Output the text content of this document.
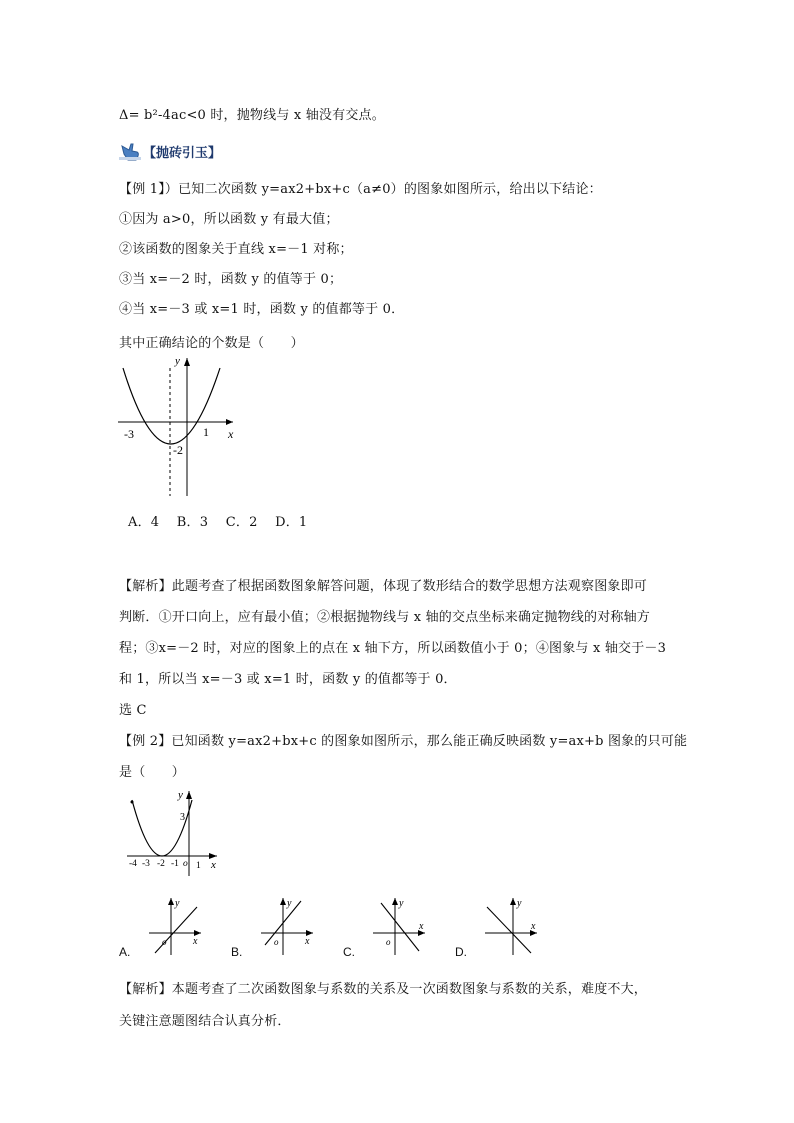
Δ= b²-4ac<0 时，抛物线与 x 轴没有交点。
【抛砖引玉】
【例 1】）已知二次函数 y=ax2+bx+c（a≠0）的图象如图所示，给出以下结论：
①因为 a>0，所以函数 y 有最大值；
②该函数的图象关于直线 x=－1 对称；
③当 x=－2 时，函数 y 的值等于 0；
④当 x=－3 或 x=1 时，函数 y 的值都等于 0．
其中正确结论的个数是（　　）
y
x
-3	1
-2
A．4　 B．3　 C．2　 D．1
【解析】此题考查了根据函数图象解答问题，体现了数形结合的数学思想方法观察图象即可
判断．①开口向上，应有最小值；②根据抛物线与 x 轴的交点坐标来确定抛物线的对称轴方
程；③x=－2 时，对应的图象上的点在 x 轴下方，所以函数值小于 0；④图象与 x 轴交于－3
和 1，所以当 x=－3 或 x=1 时，函数 y 的值都等于 0．
选 C
【例 2】已知函数 y=ax2+bx+c 的图象如图所示，那么能正确反映函数 y=ax+b 图象的只可能
是（　　）
y
x
3
-4 -3 -2 -1 o 1
A.
y
x
o
B.
y
x
o
C.
y
x
o
D.
y
x
【解析】本题考查了二次函数图象与系数的关系及一次函数图象与系数的关系，难度不大，
关键注意题图结合认真分析．
